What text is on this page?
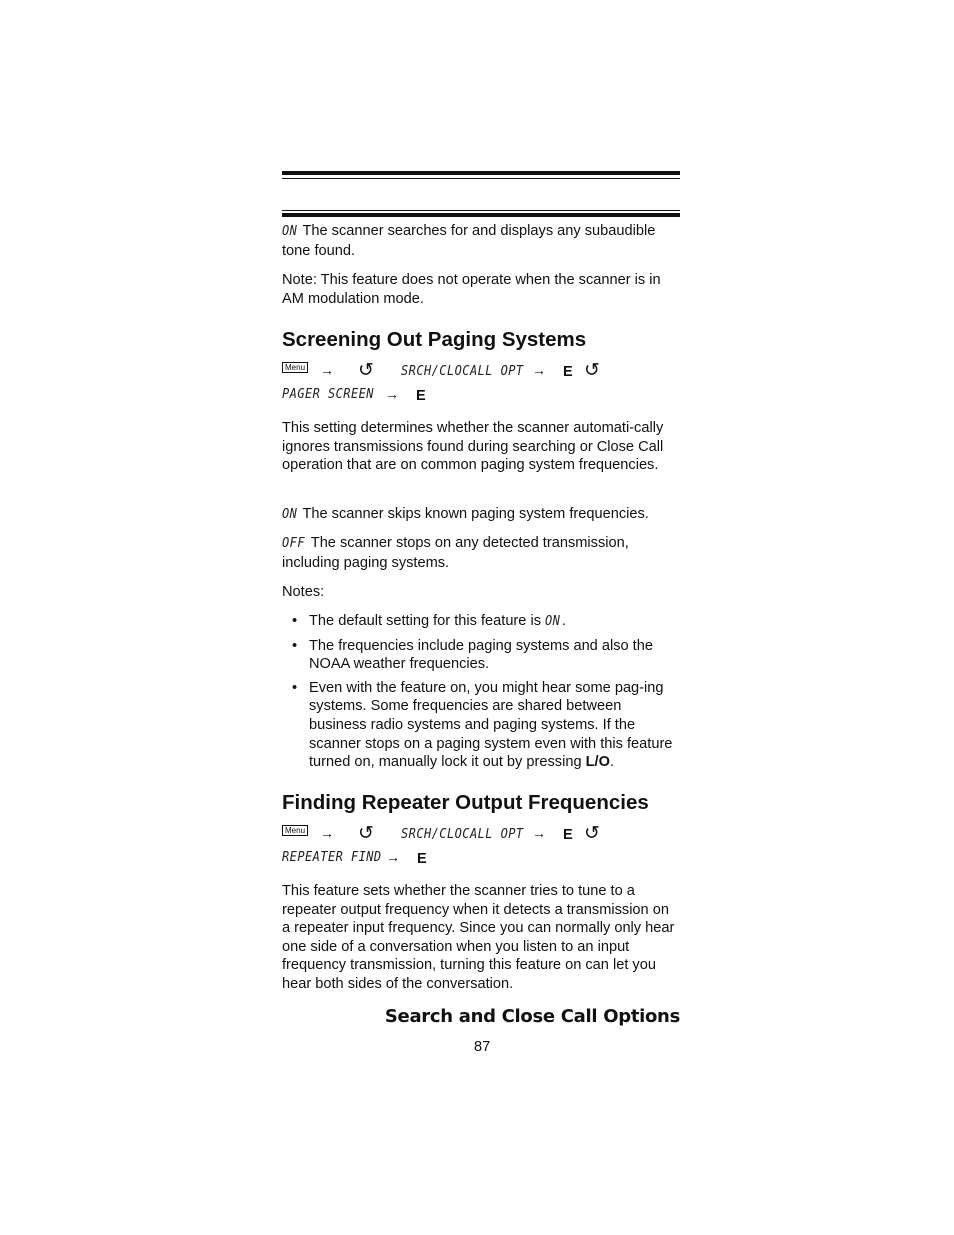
ON The scanner searches for and displays any subaudible tone found.

Note: This feature does not operate when the scanner is in AM modulation mode.

Screening Out Paging Systems
Menu → ↺ SRCH/CLOCALL OPT → E ↺
PAGER SCREEN → E

This setting determines whether the scanner automati-cally ignores transmissions found during searching or Close Call operation that are on common paging system frequencies.

ON The scanner skips known paging system frequencies.

OFF The scanner stops on any detected transmission, including paging systems.

Notes:

• The default setting for this feature is ON.
• The frequencies include paging systems and also the NOAA weather frequencies.
• Even with the feature on, you might hear some pag-ing systems. Some frequencies are shared between business radio systems and paging systems. If the scanner stops on a paging system even with this feature turned on, manually lock it out by pressing L/O.
Finding Repeater Output Frequencies
Menu → ↺ SRCH/CLOCALL OPT → E ↺
REPEATER FIND → E

This feature sets whether the scanner tries to tune to a repeater output frequency when it detects a transmission on a repeater input frequency. Since you can normally only hear one side of a conversation when you listen to an input frequency transmission, turning this feature on can let you hear both sides of the conversation.

Search and Close Call Options
87
